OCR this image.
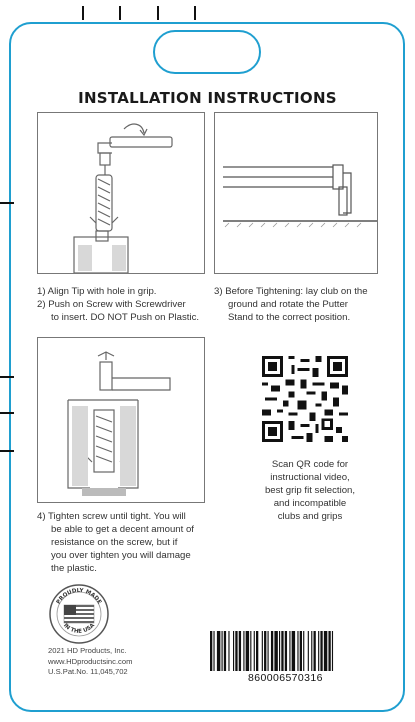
INSTALLATION INSTRUCTIONS
1) Align Tip with hole in grip.
2) Push on Screw with Screwdriver
to insert. DO NOT Push on Plastic.
3) Before Tightening: lay club on the
ground and rotate the Putter
Stand to the correct position.
4) Tighten screw until tight. You will
be able to get a decent amount of
resistance on the screw, but if
you over tighten you will damage
the plastic.
Scan QR code for
instructional video,
best grip fit selection,
and incompatible
clubs and grips
PROUDLY MADE
IN THE USA
2021 HD Products, Inc.
www.HDproductsinc.com
U.S.Pat.No. 11,045,702
860006570316
